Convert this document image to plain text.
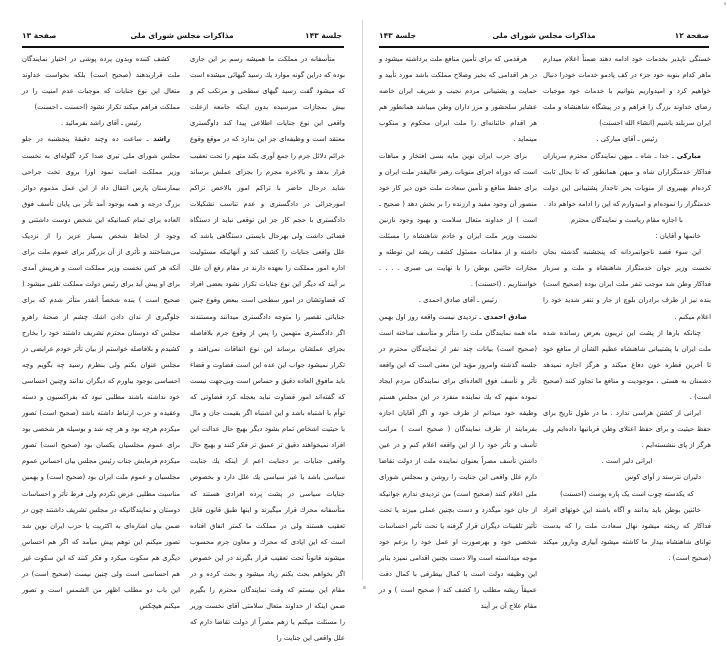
جلسة ۱۴۳
مذاکرات مجلس شورای ملی
صفحة ۱۳

متأسفانه در مملکت ما همیشه رسم بر این جاری بوده که دراین گونه موارد یك رسید گیهائی میشده است که میشود گفت رسید گیهای سطحی و مرتکب کم و بیش بمجازات میرسیده بدون اینکه جامعه ازعلت واقعی این نوع جنایات اطلاعی پیدا کند داوگستری معتقد است و وظیفه‌ای جز این ندارد که در موقع وقوع جرائم دلائل جرم را جمع آوری بکند متهم را تحت تعقیب قرار بدهد و بالاخره مجرم را بجزای عملش برساند شاید درحال حاضر با تراکم امور بالاخص تراکم امورجزائی در دادگستری و عدم تناسب تشکیلات دادگستری با حجم کار جز این توقعی نباید از دستگاه قضائی داشت ولی بهرحال بایستی دستگاهی باشد که علل واقعی جنایات را کشف کند و آنهائیکه مسئولیت اداره امور مملکت را بعهده دارند در مقام رفع آن علل بر آیند که دیگر این نوع جنایات تکرار نشود بعضی افراد که قضاوتشان در امور سطحی است ببعض وقوع چنین جنایاتی تقصیر را متوجه دادگستری میدانند ومستندند اگر دادگستری متهمین را پس از وقوع جرم بلافاصله بجزای عملشان برساند این نوع اتفاقات نمی‌افتد و تکرار نمیشود جواب این عده این است قضاوت و قضاء باید مافوق العاده دقیق و حساس است وبی‌جهت نیست که گفته‌اند امور قضاوت نباید بعجله کرد قضاوتی که توأم با اشتباه باشد و این اشتباه اگر بقیمت جان و مال با حیثیت اشخاص تمام بشود دیگر بهیچ حال عدالت این افراد نمیخواهند دقیق تر عمیق تر فکر کنند و بهیچ حال واقعی جنایات بر دجنایت اعم از اینکه یك جنایت سیاسی باشد یا غیر سیاسی یك علل دارد و بخصوص جنایات سیاسی در پشت پرده افرادی هستند که متأسفانه محرك قرار میگیرند و اینها طبق قانون قابل تعقیب هستند ولی در مملکت ما کمتر اتفاق افتاده است که این ایادی که محرك و معاون جرم محسوب میشوند قانوناً تحت تعقیب قرار بگیرند در این خصوص اگر بخواهم بحث بکنم زیاد میشود و بحث کرده و در مقام این نیستم که وقت نمایندگان محترم را بگیرم ضمن اینکه از خداوند متعال سلامتی آقای نخست وزیر را مسئلت میکنم با زهم مصراً از دولت تقاضا دارم که علل واقعی این جنایت را

کشف کننده وبدون پرده پوشی در اختیار نمایندگان ملت قراربدهند (صحیح است) بلکه بخواست خداوند متعال این نوع جنایات که موجبات عدم امنیت را در مملکت فراهم میکند تکرار نشود (احسنت ـ احسنت)

رئیس ـ آقای راشد بفرمائید .

راشد ـ ساعت ده وچند دقیقهٔ پنجشنبه در جلو مجلس شورای ملی تیری صدا کرد گلوله‌ای به نخست وزیر مملکت اصابت نمود اورا بروی تخت جراحی بیمارستان پارس انتقال داد از این عمل مذموم دوائر بزرگ درجه و همه بوجود آمد تأثر بی پایان تأسف فوق العاده برای تمام کسانیکه این شخص دوست داشتنی و وجود از لحاظ شخص بسیار عزیز را از نزدیک می‌شناختند و تأثری از آن بزرگتر برای عموم ملت برای آنکه هر کس نخست وزیر مملکت است و هرپیش آمدی برای او پیش آید برای رئیس دولت مملکت تلقی میشود ( صحیح است ) بنده شخصاً آنقدر متأثر شدم که برای جلوگیری از ندان دادن اشك چشم از صحنهٔ راهرو مجلس که دوستان محترم تشریف داشتند خود را بخارج کشیدم و بلافاصله خواستم از بیان تأثر خودم عرایضی در مجلس عنوان بکنم ولی بنظرم رسید چه بگویم وچه احساسی بوجود بیاورم که دیگران ندانند وچنین احساسی خود نداشته باشند مطلبی نبود که بفراکسیون و دسته وعقیده و حزب ارتباط داشته باشد (صحیح است) تصور میکردم هرچه بود و هر چه شد و بوسیله هر شخصی بود برای عموم مجلسیان یکسان بود (صحیح است) تصور میکردم فرمایش جناب رئیس مجلس بیان احساس عموم مجلسیان و عموم ملت ایران بود (صحیح است) و بهمین مناسبت مطلبی عرض نکردم ولی فرط تأثر و احساسات دوستان و نمایندگانیکه در مجلس تشریف داشتند چون در ضمن بیان اشاره‌ای به اکثریت یا حزب ایران نوین شد تصور میکنم این توهم پیش میآمد که اگر هم احساس دیگری هم سکوت میکرد و فکر کنند که این سکوت غیر هم احساسی است ولی چنین نیست (صحیح است) در این باب دو مطلب اظهر من الشمس است و تصور میکنم هیچکس

صفحة ۱۲
مذاکرات مجلس شورای ملی
جلسة ۱۴۳

خستگی ناپذیر بخدمات خود ادامه دهند ضمناً اعلام میدارم ماهر کدام بنوبه خود جزء در کف پادمو خدمات خودرا دنبال خواهیم کرد و امیدواریم بتوانیم با خدمات خود موجبات رضای خداوند بزرگ را فراهم و در پیشگاه شاهنشاه و ملت ایران سربلند باشیم (انشاء الله احسنت)

رئیس ـ آقای مبارکی .

مبارکی ـ خدا ـ شاه ـ میهن نمایندگان محترم سربازان فداکار خدمتگزاران شاه و میهن همانطور که تا بحال ثابت کرده‌ام بهپیروی از منویات بحر تاجدار پشتیبانی این دولت خدمتگزار را نموده‌ام و امیدوارم که این را ادامه خواهم داد .

با اجازه مقام ریاست و نمایندگان محترم

خانمها و آقایان :

این سوء قصد ناجوانمردانه که پنجشنبه گذشته بجان نخست وزیر جوان خدمتگزار شاهنشاه و ملت و سرباز فداکار وطن شد موجب تنفر ملت ایران بوده (صحیح است) بنده نیز از طرف برادران بلوچ از جار و تنفر شدید خود را اعلام میکنم .

چنانکه بارها از پشت این تریبون بعرض رسانده شده ملت ایران با پشتیبانی شاهنشاه عظیم الشأن از منافع خود تا آخرین قطره خون دفاع میکند و هرگز اجازه نمیدهد دشمنان به هستی ، موجودیت و منافع ما تجاوز کنند (صحیح است) .

ایرانی از کشتن هراسی ندارد . ما در طول تاریخ برای حفظ حیثیت و برای حفظ اعتلای وطن قربانیها داده‌ایم ولی هرگز از پای ننشسته‌ایم .

ایرانی دلیر است .

دلیران نترسند ز آوای کوس

که یکدسته چوب است یک پاره پوست (احسنت)

خائنین بوطن باید بدانند و آگاه باشند این خونهای افراد فداکار که ریخته میشود نهال سعادت ملت را که بدست توانای شاهنشاه بیدار ما کاشته میشود آبیاری وبارور میکند (صحیح است) .

هرقدمی که برای تأمین منافع ملت برداشته میشود و در هر اقدامی که بخیر وصلاح مملکت باشد مورد تأیید و حمایت و پشتیبانی مردم نجیب و شریف ایران خاصه عشایر سلحشور و مرز داران وطن میباشد همانطور هم هر اقدام خائنانه‌ای را ملت ایران محکوم و منکوب مینماید .

برای حزب ایران نوین مایه بسی افتخار و مباهات است که دوراه اجرای منویات رهبر عالیقدر ملت ایران و برای حفظ منافع و تأمین سعادت ملت خون دیر کار خود منصور آن وجود مفید و ارزنده را بر بخش دهد ( صحیح ـ است ) از خداوند متعال سلامت و بهبود وجود نازنین نخست وزیر ملت ایران و خادم شاهنشاه را مسئلت داشته و از مقامات مسئول کشف ریشه این توطئه و مجازات خائنین بوطن را با نهایت بی صبری . . . . خواستاریم . (احسنت) .

رئیس ـ آقای صادق احمدی .

صادق احمدی ـ تردیدی نیست واقعه روز اول بهمن ماه همه نمایندگان ملت را متأثر و متأسف ساخته است (صحیح است) بیانات چند نفر از نمایندگان محترم در جلسه گذشته وامروز مؤید این معنی است که این واقعه تأثر و تأسف فوق العاده‌ای برای نمایندگان مردم ایجاد نموده منهم که یك نماینده منفرد در این مجلس هستم وظیفه خود میدانم از طرف خود و اگر آقایان اجازه بفرمایند از طرف نمایندگان ( صحیح است ) مراتب تأسف و تأثر خود را از این واقعه اعلام کنم و در عین داشتن تأسف مصراً بعنوان نماینده ملت از دولت تقاضا دارم علل واقعی این جنایت را روشن و بمجلس شورای ملی اعلام کنند (صحیح است) من تردیدی ندارم جوانیکه از جان خود میگذرد و دست بچنین عملی میزند یا تحت تأثیر تلقینات دیگران قرار گرفته یا تحت تأثیر احساسات شخصی خود و بهرصورت او عمل خود را بزعم خود موجه میدانسته است والا دست بچنین اقدامی نمیزد بنابر این وظیفه دولت است با کمال بیطرفی با کمال دقت عمیقاً ریشه مطلب را کشف کند ( صحیح است ) و در مقام علاج آن بر آیند
